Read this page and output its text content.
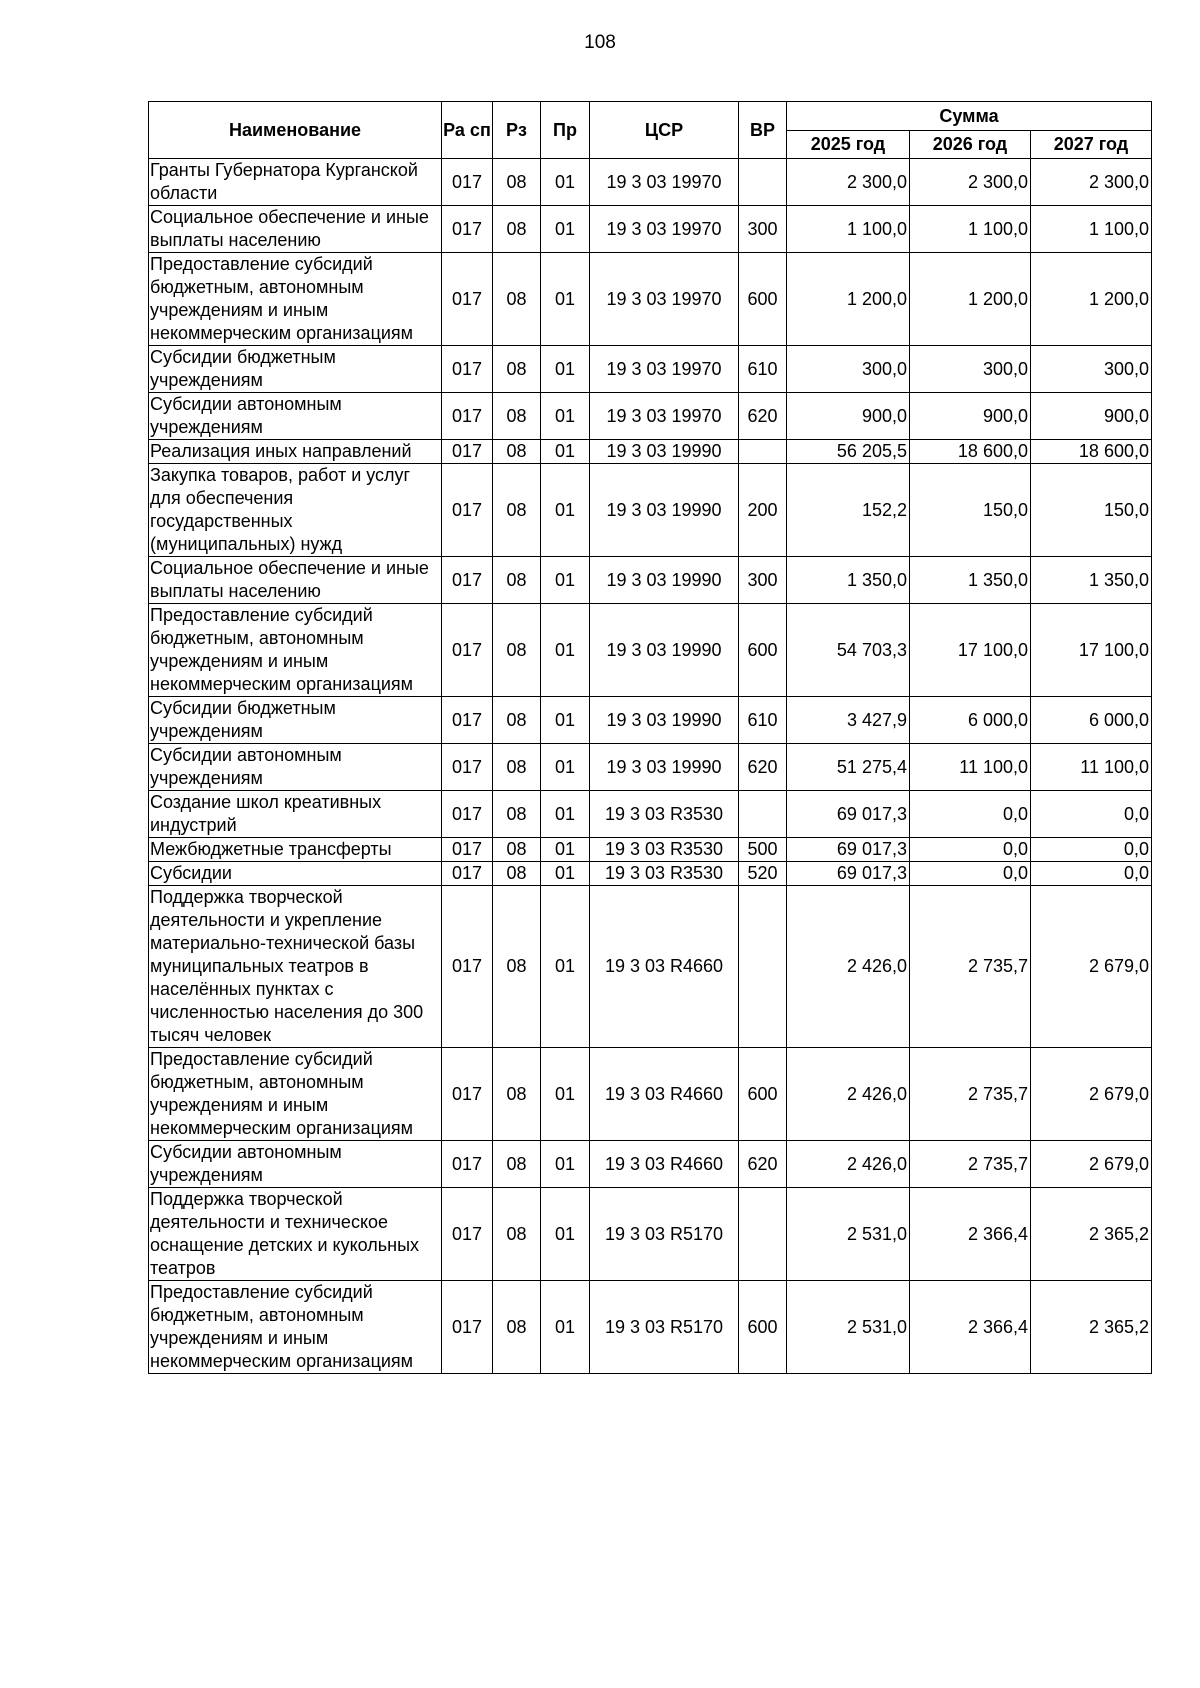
108
Наименование	Ра сп	Рз	Пр	ЦСР	ВР	Сумма		
						2025 год	2026 год	2027 год
Гранты Губернатора Курганской области	017	08	01	19 3 03 19970		2 300,0	2 300,0	2 300,0
Социальное обеспечение и иные выплаты населению	017	08	01	19 3 03 19970	300	1 100,0	1 100,0	1 100,0
Предоставление субсидий бюджетным, автономным учреждениям и иным некоммерческим организациям	017	08	01	19 3 03 19970	600	1 200,0	1 200,0	1 200,0
Субсидии бюджетным учреждениям	017	08	01	19 3 03 19970	610	300,0	300,0	300,0
Субсидии автономным учреждениям	017	08	01	19 3 03 19970	620	900,0	900,0	900,0
Реализация иных направлений	017	08	01	19 3 03 19990		56 205,5	18 600,0	18 600,0
Закупка товаров, работ и услуг для обеспечения государственных (муниципальных) нужд	017	08	01	19 3 03 19990	200	152,2	150,0	150,0
Социальное обеспечение и иные выплаты населению	017	08	01	19 3 03 19990	300	1 350,0	1 350,0	1 350,0
Предоставление субсидий бюджетным, автономным учреждениям и иным некоммерческим организациям	017	08	01	19 3 03 19990	600	54 703,3	17 100,0	17 100,0
Субсидии бюджетным учреждениям	017	08	01	19 3 03 19990	610	3 427,9	6 000,0	6 000,0
Субсидии автономным учреждениям	017	08	01	19 3 03 19990	620	51 275,4	11 100,0	11 100,0
Создание школ креативных индустрий	017	08	01	19 3 03 R3530		69 017,3	0,0	0,0
Межбюджетные трансферты	017	08	01	19 3 03 R3530	500	69 017,3	0,0	0,0
Субсидии	017	08	01	19 3 03 R3530	520	69 017,3	0,0	0,0
Поддержка творческой деятельности и укрепление материально-технической базы муниципальных театров в населённых пунктах с численностью населения до 300 тысяч человек	017	08	01	19 3 03 R4660		2 426,0	2 735,7	2 679,0
Предоставление субсидий бюджетным, автономным учреждениям и иным некоммерческим организациям	017	08	01	19 3 03 R4660	600	2 426,0	2 735,7	2 679,0
Субсидии автономным учреждениям	017	08	01	19 3 03 R4660	620	2 426,0	2 735,7	2 679,0
Поддержка творческой деятельности и техническое оснащение детских и кукольных театров	017	08	01	19 3 03 R5170		2 531,0	2 366,4	2 365,2
Предоставление субсидий бюджетным, автономным учреждениям и иным некоммерческим организациям	017	08	01	19 3 03 R5170	600	2 531,0	2 366,4	2 365,2
